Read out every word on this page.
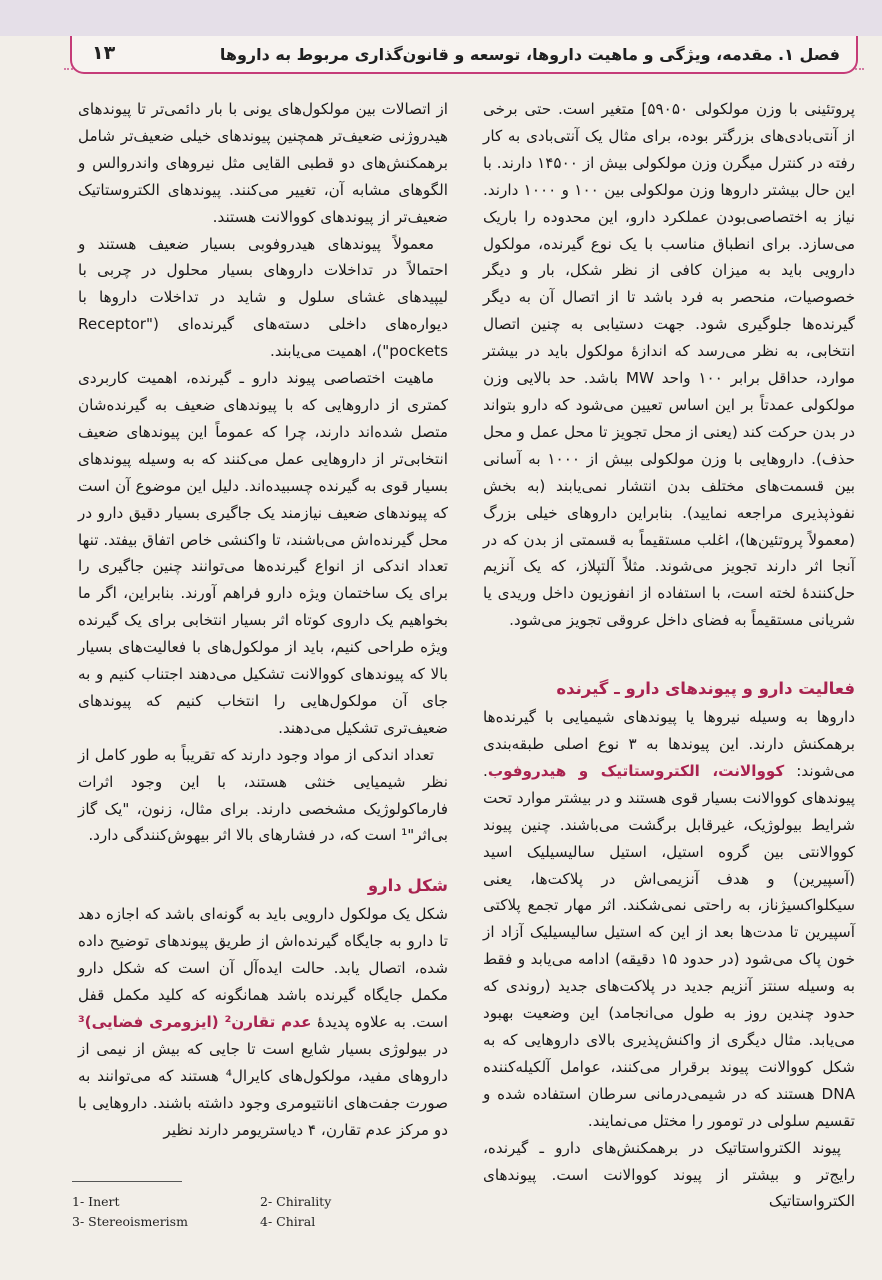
۱۳	فصل ۱. مقدمه، ویژگی و ماهیت داروها، توسعه و قانون‌گذاری مربوط به داروها

پروتئینی با وزن مولکولی ۵۹۰۵۰] متغیر است. حتی برخی از آنتی‌بادی‌های بزرگتر بوده، برای مثال یک آنتی‌بادی به کار رفته در کنترل میگرن وزن مولکولی بیش از ۱۴۵۰۰ دارند. با این حال بیشتر داروها وزن مولکولی بین ۱۰۰ و ۱۰۰۰ دارند. نیاز به اختصاصی‌بودن عملکرد دارو، این محدوده را باریک می‌سازد. برای انطباق مناسب با یک نوع گیرنده، مولکول دارویی باید به میزان کافی از نظر شکل، بار و دیگر خصوصیات، منحصر به فرد باشد تا از اتصال آن به دیگر گیرنده‌ها جلوگیری شود. جهت دستیابی به چنین اتصال انتخابی، به نظر می‌رسد که اندازهٔ مولکول باید در بیشتر موارد، حداقل برابر ۱۰۰ واحد MW باشد. حد بالایی وزن مولکولی عمدتاً بر این اساس تعیین می‌شود که دارو بتواند در بدن حرکت کند (یعنی از محل تجویز تا محل عمل و محل حذف). داروهایی با وزن مولکولی بیش از ۱۰۰۰ به آسانی بین قسمت‌های مختلف بدن انتشار نمی‌یابند (به بخش نفوذپذیری مراجعه نمایید). بنابراین داروهای خیلی بزرگ (معمولاً پروتئین‌ها)، اغلب مستقیماً به قسمتی از بدن که در آنجا اثر دارند تجویز می‌شوند. مثلاً آلتپلاز، که یک آنزیم حل‌کنندهٔ لخته است، با استفاده از انفوزیون داخل وریدی یا شریانی مستقیماً به فضای داخل عروقی تجویز می‌شود.

فعالیت دارو و پیوندهای دارو ـ گیرنده

داروها به وسیله نیروها یا پیوندهای شیمیایی با گیرنده‌ها برهمکنش دارند. این پیوندها به ۳ نوع اصلی طبقه‌بندی می‌شوند: کووالانت، الکتروستاتیک و هیدروفوب. پیوندهای کووالانت بسیار قوی هستند و در بیشتر موارد تحت شرایط بیولوژیک، غیرقابل برگشت می‌باشند. چنین پیوند کووالانتی بین گروه استیل، استیل سالیسیلیک اسید (آسپیرین) و هدف آنزیمی‌اش در پلاکت‌ها، یعنی سیکلواکسیژناز، به راحتی نمی‌شکند. اثر مهار تجمع پلاکتی آسپیرین تا مدت‌ها بعد از این که استیل سالیسیلیک آزاد از خون پاک می‌شود (در حدود ۱۵ دقیقه) ادامه می‌یابد و فقط به وسیله سنتز آنزیم جدید در پلاکت‌های جدید (روندی که حدود چندین روز به طول می‌انجامد) این وضعیت بهبود می‌یابد. مثال دیگری از واکنش‌پذیری بالای داروهایی که به شکل کووالانت پیوند برقرار می‌کنند، عوامل آلکیله‌کننده DNA هستند که در شیمی‌درمانی سرطان استفاده شده و تقسیم سلولی در تومور را مختل می‌نمایند.

پیوند الکترواستاتیک در برهمکنش‌های دارو ـ گیرنده، رایج‌تر و بیشتر از پیوند کووالانت است. پیوندهای الکترواستاتیک

از اتصالات بین مولکول‌های یونی با بار دائمی‌تر تا پیوندهای هیدروژنی ضعیف‌تر همچنین پیوندهای خیلی ضعیف‌تر شامل برهمکنش‌های دو قطبی القایی مثل نیروهای واندروالس و الگوهای مشابه آن، تغییر می‌کنند. پیوندهای الکتروستاتیک ضعیف‌تر از پیوندهای کووالانت هستند.

معمولاً پیوندهای هیدروفوبی بسیار ضعیف هستند و احتمالاً در تداخلات داروهای بسیار محلول در چربی با لیپیدهای غشای سلول و شاید در تداخلات داروها با دیواره‌های داخلی دسته‌های گیرنده‌ای ("Receptor pockets")، اهمیت می‌یابند.

ماهیت اختصاصی پیوند دارو ـ گیرنده، اهمیت کاربردی کمتری از داروهایی که با پیوندهای ضعیف به گیرنده‌شان متصل شده‌اند دارند، چرا که عموماً این پیوندهای ضعیف انتخابی‌تر از داروهایی عمل می‌کنند که به وسیله پیوندهای بسیار قوی به گیرنده چسبیده‌اند. دلیل این موضوع آن است که پیوندهای ضعیف نیازمند یک جاگیری بسیار دقیق دارو در محل گیرنده‌اش می‌باشند، تا واکنشی خاص اتفاق بیفتد. تنها تعداد اندکی از انواع گیرنده‌ها می‌توانند چنین جاگیری را برای یک ساختمان ویژه دارو فراهم آورند. بنابراین، اگر ما بخواهیم یک داروی کوتاه اثر بسیار انتخابی برای یک گیرنده ویژه طراحی کنیم، باید از مولکول‌های با فعالیت‌های بسیار بالا که پیوندهای کووالانت تشکیل می‌دهند اجتناب کنیم و به جای آن مولکول‌هایی را انتخاب کنیم که پیوندهای ضعیف‌تری تشکیل می‌دهند.

تعداد اندکی از مواد وجود دارند که تقریباً به طور کامل از نظر شیمیایی خنثی هستند، با این وجود اثرات فارماکولوژیک مشخصی دارند. برای مثال، زنون، "یک گاز بی‌اثر"¹ است که، در فشارهای بالا اثر بیهوش‌کنندگی دارد.

شکل دارو

شکل یک مولکول دارویی باید به گونه‌ای باشد که اجازه دهد تا دارو به جایگاه گیرنده‌اش از طریق پیوندهای توضیح داده شده، اتصال یابد. حالت ایده‌آل آن است که شکل دارو مکمل جایگاه گیرنده باشد همانگونه که کلید مکمل قفل است. به علاوه پدیدهٔ عدم تقارن² (ایزومری فضایی)³ در بیولوژی بسیار شایع است تا جایی که بیش از نیمی از داروهای مفید، مولکول‌های کایرال⁴ هستند که می‌توانند به صورت جفت‌های انانتیومری وجود داشته باشند. داروهایی با دو مرکز عدم تقارن، ۴ دیاستریومر دارند نظیر

1- Inert	2- Chirality
3- Stereoismerism	4- Chiral
